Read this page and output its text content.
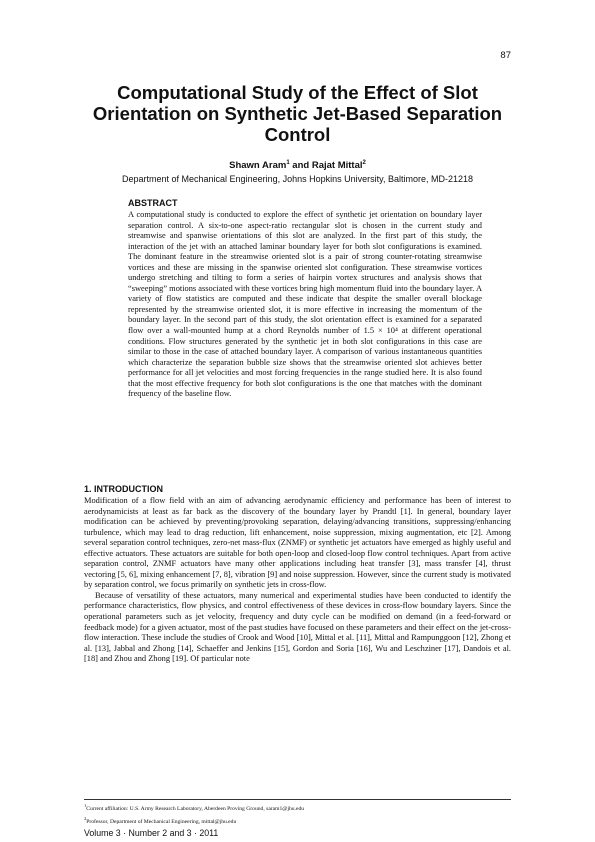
87
Computational Study of the Effect of Slot Orientation on Synthetic Jet-Based Separation Control
Shawn Aram$^1$ and Rajat Mittal$^2$
Department of Mechanical Engineering, Johns Hopkins University, Baltimore, MD-21218
ABSTRACT

A computational study is conducted to explore the effect of synthetic jet orientation on boundary layer separation control. A six-to-one aspect-ratio rectangular slot is chosen in the current study and streamwise and spanwise orientations of this slot are analyzed. In the first part of this study, the interaction of the jet with an attached laminar boundary layer for both slot configurations is examined. The dominant feature in the streamwise oriented slot is a pair of strong counter-rotating streamwise vortices and these are missing in the spanwise oriented slot configuration. These streamwise vortices undergo stretching and tilting to form a series of hairpin vortex structures and analysis shows that “sweeping” motions associated with these vortices bring high momentum fluid into the boundary layer. A variety of flow statistics are computed and these indicate that despite the smaller overall blockage represented by the streamwise oriented slot, it is more effective in increasing the momentum of the boundary layer. In the second part of this study, the slot orientation effect is examined for a separated flow over a wall-mounted hump at a chord Reynolds number of 1.5 × 10⁴ at different operational conditions. Flow structures generated by the synthetic jet in both slot configurations in this case are similar to those in the case of attached boundary layer. A comparison of various instantaneous quantities which characterize the separation bubble size shows that the streamwise oriented slot achieves better performance for all jet velocities and most forcing frequencies in the range studied here. It is also found that the most effective frequency for both slot configurations is the one that matches with the dominant frequency of the baseline flow.

1. INTRODUCTION

Modification of a flow field with an aim of advancing aerodynamic efficiency and performance has been of interest to aerodynamicists at least as far back as the discovery of the boundary layer by Prandtl [1]. In general, boundary layer modification can be achieved by preventing/provoking separation, delaying/advancing transitions, suppressing/enhancing turbulence, which may lead to drag reduction, lift enhancement, noise suppression, mixing augmentation, etc [2]. Among several separation control techniques, zero-net mass-flux (ZNMF) or synthetic jet actuators have emerged as highly useful and effective actuators. These actuators are suitable for both open-loop and closed-loop flow control techniques. Apart from active separation control, ZNMF actuators have many other applications including heat transfer [3], mass transfer [4], thrust vectoring [5, 6], mixing enhancement [7, 8], vibration [9] and noise suppression. However, since the current study is motivated by separation control, we focus primarily on synthetic jets in cross-flow.

Because of versatility of these actuators, many numerical and experimental studies have been conducted to identify the performance characteristics, flow physics, and control effectiveness of these devices in cross-flow boundary layers. Since the operational parameters such as jet velocity, frequency and duty cycle can be modified on demand (in a feed-forward or feedback mode) for a given actuator, most of the past studies have focused on these parameters and their effect on the jet-cross-flow interaction. These include the studies of Crook and Wood [10], Mittal et al. [11], Mittal and Rampunggoon [12], Zhong et al. [13], Jabbal and Zhong [14], Schaeffer and Jenkins [15], Gordon and Soria [16], Wu and Leschziner [17], Dandois et al. [18] and Zhou and Zhong [19]. Of particular note

$^1$Current affiliation: U.S. Army Research Laboratory, Aberdeen Proving Ground, saram1@jhu.edu
$^2$Professor, Department of Mechanical Engineering, mittal@jhu.edu
Volume 3 · Number 2 and 3 · 2011
